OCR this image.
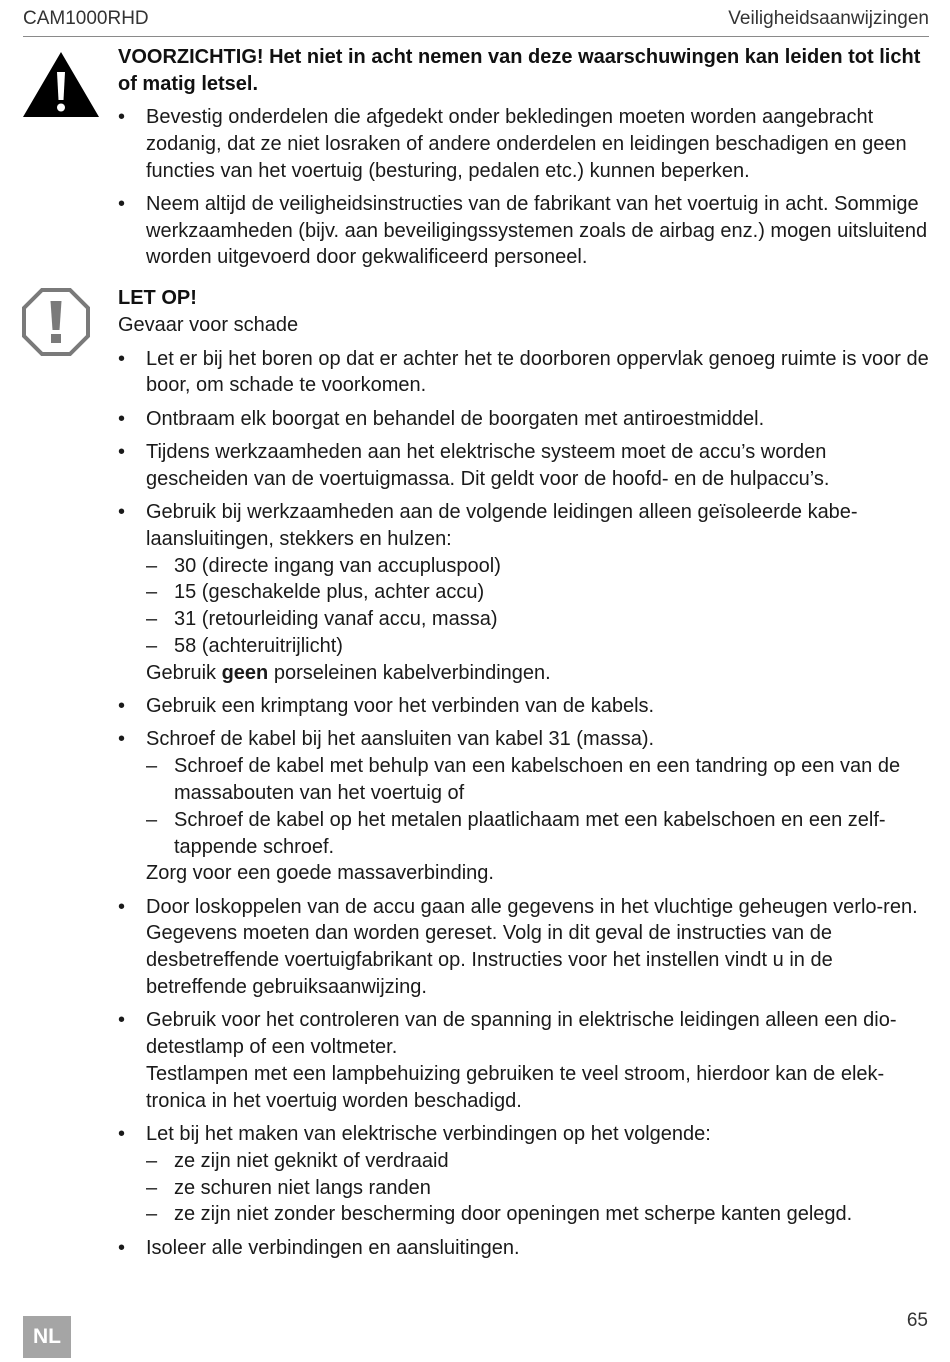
CAM1000RHD	Veiligheidsaanwijzingen
VOORZICHTIG! Het niet in acht nemen van deze waarschuwingen kan leiden tot licht of matig letsel.
• Bevestig onderdelen die afgedekt onder bekledingen moeten worden aangebracht zodanig, dat ze niet losraken of andere onderdelen en leidingen beschadigen en geen functies van het voertuig (besturing, pedalen etc.) kunnen beperken.
• Neem altijd de veiligheidsinstructies van de fabrikant van het voertuig in acht. Sommige werkzaamheden (bijv. aan beveiligingssystemen zoals de airbag enz.) mogen uitsluitend worden uitgevoerd door gekwalificeerd personeel.
LET OP!
Gevaar voor schade
• Let er bij het boren op dat er achter het te doorboren oppervlak genoeg ruimte is voor de boor, om schade te voorkomen.
• Ontbraam elk boorgat en behandel de boorgaten met antiroestmiddel.
• Tijdens werkzaamheden aan het elektrische systeem moet de accu’s worden gescheiden van de voertuigmassa. Dit geldt voor de hoofd- en de hulpaccu’s.
• Gebruik bij werkzaamheden aan de volgende leidingen alleen geïsoleerde kabe-laansluitingen, stekkers en hulzen:
– 30 (directe ingang van accupluspool)
– 15 (geschakelde plus, achter accu)
– 31 (retourleiding vanaf accu, massa)
– 58 (achteruitrijlicht)
Gebruik geen porseleinen kabelverbindingen.
• Gebruik een krimptang voor het verbinden van de kabels.
• Schroef de kabel bij het aansluiten van kabel 31 (massa).
– Schroef de kabel met behulp van een kabelschoen en een tandring op een van de massabouten van het voertuig of
– Schroef de kabel op het metalen plaatlichaam met een kabelschoen en een zelf-tappende schroef.
Zorg voor een goede massaverbinding.
• Door loskoppelen van de accu gaan alle gegevens in het vluchtige geheugen verlo-ren. Gegevens moeten dan worden gereset. Volg in dit geval de instructies van de desbetreffende voertuigfabrikant op. Instructies voor het instellen vindt u in de betreffende gebruiksaanwijzing.
• Gebruik voor het controleren van de spanning in elektrische leidingen alleen een dio-detestlamp of een voltmeter.
Testlampen met een lampbehuizing gebruiken te veel stroom, hierdoor kan de elek-tronica in het voertuig worden beschadigd.
• Let bij het maken van elektrische verbindingen op het volgende:
– ze zijn niet geknikt of verdraaid
– ze schuren niet langs randen
– ze zijn niet zonder bescherming door openingen met scherpe kanten gelegd.
• Isoleer alle verbindingen en aansluitingen.
NL
65
